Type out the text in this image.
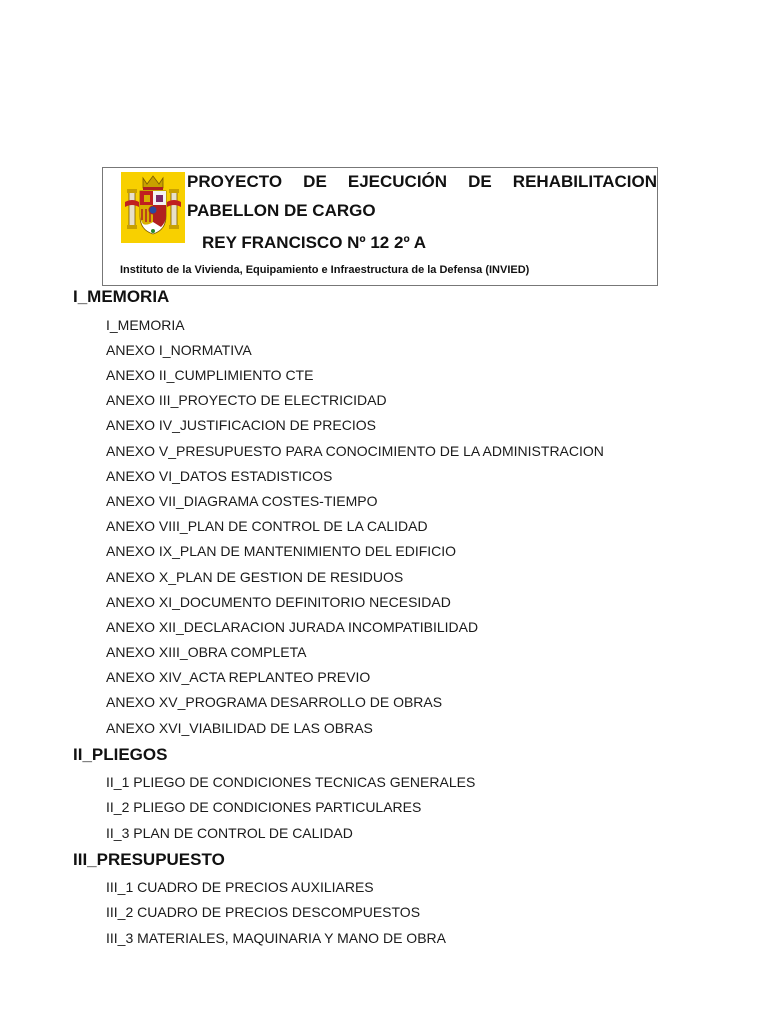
PROYECTO DE EJECUCIÓN DE REHABILITACION
PABELLON DE CARGO
REY FRANCISCO Nº 12 2º A
Instituto de la Vivienda, Equipamiento e Infraestructura de la Defensa (INVIED)
I_MEMORIA
I_MEMORIA
ANEXO I_NORMATIVA
ANEXO II_CUMPLIMIENTO CTE
ANEXO III_PROYECTO DE ELECTRICIDAD
ANEXO IV_JUSTIFICACION DE PRECIOS
ANEXO V_PRESUPUESTO PARA CONOCIMIENTO DE LA ADMINISTRACION
ANEXO VI_DATOS ESTADISTICOS
ANEXO VII_DIAGRAMA COSTES-TIEMPO
ANEXO VIII_PLAN DE CONTROL DE LA CALIDAD
ANEXO IX_PLAN DE MANTENIMIENTO DEL EDIFICIO
ANEXO X_PLAN DE GESTION DE RESIDUOS
ANEXO XI_DOCUMENTO DEFINITORIO NECESIDAD
ANEXO XII_DECLARACION JURADA INCOMPATIBILIDAD
ANEXO XIII_OBRA COMPLETA
ANEXO XIV_ACTA REPLANTEO PREVIO
ANEXO XV_PROGRAMA DESARROLLO DE OBRAS
ANEXO XVI_VIABILIDAD DE LAS OBRAS
II_PLIEGOS
II_1 PLIEGO DE CONDICIONES TECNICAS GENERALES
II_2 PLIEGO DE CONDICIONES PARTICULARES
II_3 PLAN DE CONTROL DE CALIDAD
III_PRESUPUESTO
III_1 CUADRO DE PRECIOS AUXILIARES
III_2 CUADRO DE PRECIOS DESCOMPUESTOS
III_3 MATERIALES, MAQUINARIA Y MANO DE OBRA
